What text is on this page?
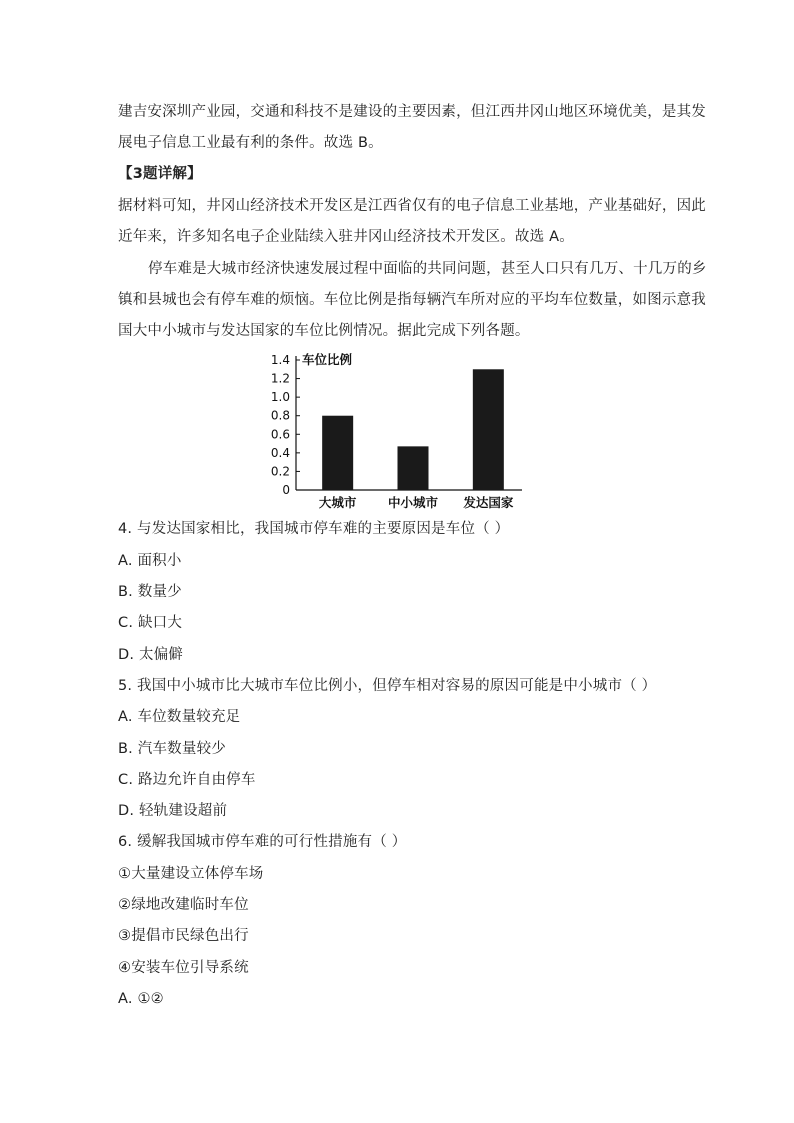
建吉安深圳产业园，交通和科技不是建设的主要因素，但江西井冈山地区环境优美，是其发
展电子信息工业最有利的条件。故选 B。
【3题详解】
据材料可知，井冈山经济技术开发区是江西省仅有的电子信息工业基地，产业基础好，因此
近年来，许多知名电子企业陆续入驻井冈山经济技术开发区。故选 A。
停车难是大城市经济快速发展过程中面临的共同问题，甚至人口只有几万、十几万的乡
镇和县城也会有停车难的烦恼。车位比例是指每辆汽车所对应的平均车位数量，如图示意我
国大中小城市与发达国家的车位比例情况。据此完成下列各题。
0
0.2
0.4
0.6
0.8
1.0
1.2
1.4 车位比例
大城市	中小城市 发达国家
4. 与发达国家相比，我国城市停车难的主要原因是车位（ ）
A. 面积小
B. 数量少
C. 缺口大
D. 太偏僻
5. 我国中小城市比大城市车位比例小，但停车相对容易的原因可能是中小城市（ ）
A. 车位数量较充足
B. 汽车数量较少
C. 路边允许自由停车
D. 轻轨建设超前
6. 缓解我国城市停车难的可行性措施有（ ）
①大量建设立体停车场
②绿地改建临时车位
③提倡市民绿色出行
④安装车位引导系统
A. ①②
